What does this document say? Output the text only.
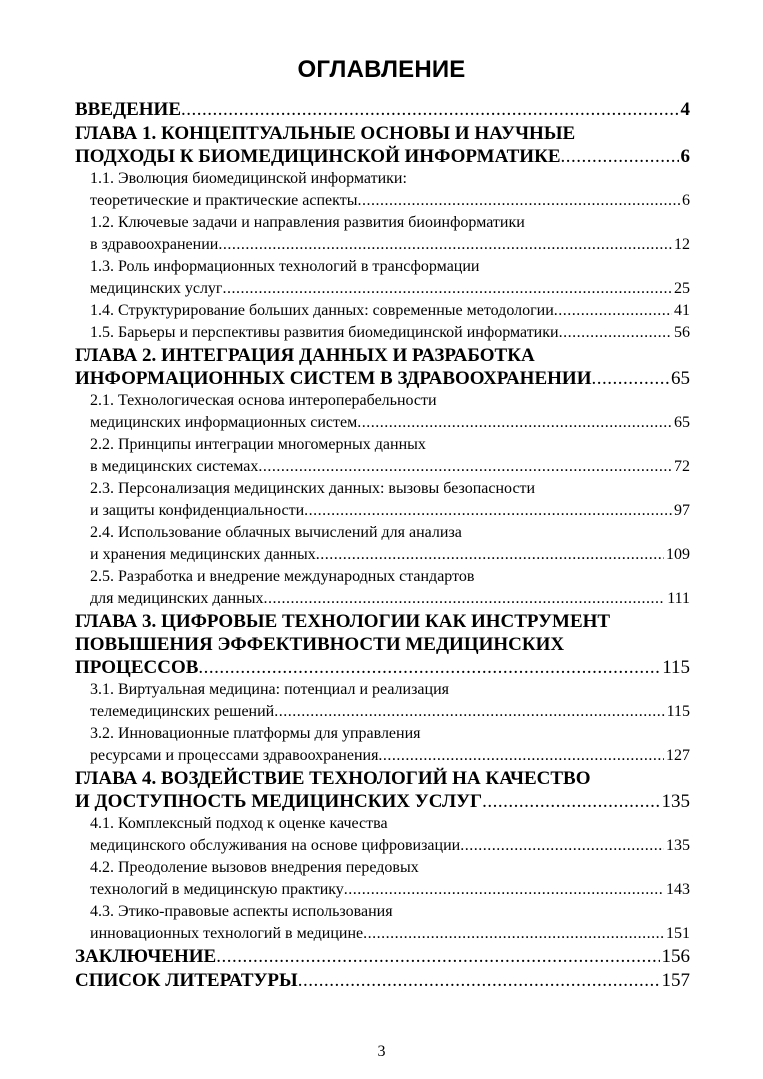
ОГЛАВЛЕНИЕ
ВВЕДЕНИЕ .....	4
ГЛАВА 1. КОНЦЕПТУАЛЬНЫЕ ОСНОВЫ И НАУЧНЫЕ
ПОДХОДЫ К БИОМЕДИЦИНСКОЙ ИНФОРМАТИКЕ .....	6
1.1. Эволюция биомедицинской информатики:
теоретические и практические аспекты .....	6
1.2. Ключевые задачи и направления развития биоинформатики
в здравоохранении .....	12
1.3. Роль информационных технологий в трансформации
медицинских услуг .....	25
1.4. Структурирование больших данных: современные методологии .....	41
1.5. Барьеры и перспективы развития биомедицинской информатики .....	56
ГЛАВА 2. ИНТЕГРАЦИЯ ДАННЫХ И РАЗРАБОТКА
ИНФОРМАЦИОННЫХ СИСТЕМ В ЗДРАВООХРАНЕНИИ .....	65
2.1. Технологическая основа интероперабельности
медицинских информационных систем .....	65
2.2. Принципы интеграции многомерных данных
в медицинских системах .....	72
2.3. Персонализация медицинских данных: вызовы безопасности
и защиты конфиденциальности .....	97
2.4. Использование облачных вычислений для анализа
и хранения медицинских данных .....	109
2.5. Разработка и внедрение международных стандартов
для медицинских данных .....	111
ГЛАВА 3. ЦИФРОВЫЕ ТЕХНОЛОГИИ КАК ИНСТРУМЕНТ
ПОВЫШЕНИЯ ЭФФЕКТИВНОСТИ МЕДИЦИНСКИХ
ПРОЦЕССОВ .....	115
3.1. Виртуальная медицина: потенциал и реализация
телемедицинских решений .....	115
3.2. Инновационные платформы для управления
ресурсами и процессами здравоохранения .....	127
ГЛАВА 4. ВОЗДЕЙСТВИЕ ТЕХНОЛОГИЙ НА КАЧЕСТВО
И ДОСТУПНОСТЬ МЕДИЦИНСКИХ УСЛУГ .....	135
4.1. Комплексный подход к оценке качества
медицинского обслуживания на основе цифровизации .....	135
4.2. Преодоление вызовов внедрения передовых
технологий в медицинскую практику .....	143
4.3. Этико-правовые аспекты использования
инновационных технологий в медицине .....	151
ЗАКЛЮЧЕНИЕ .....	156
СПИСОК ЛИТЕРАТУРЫ .....	157
3
